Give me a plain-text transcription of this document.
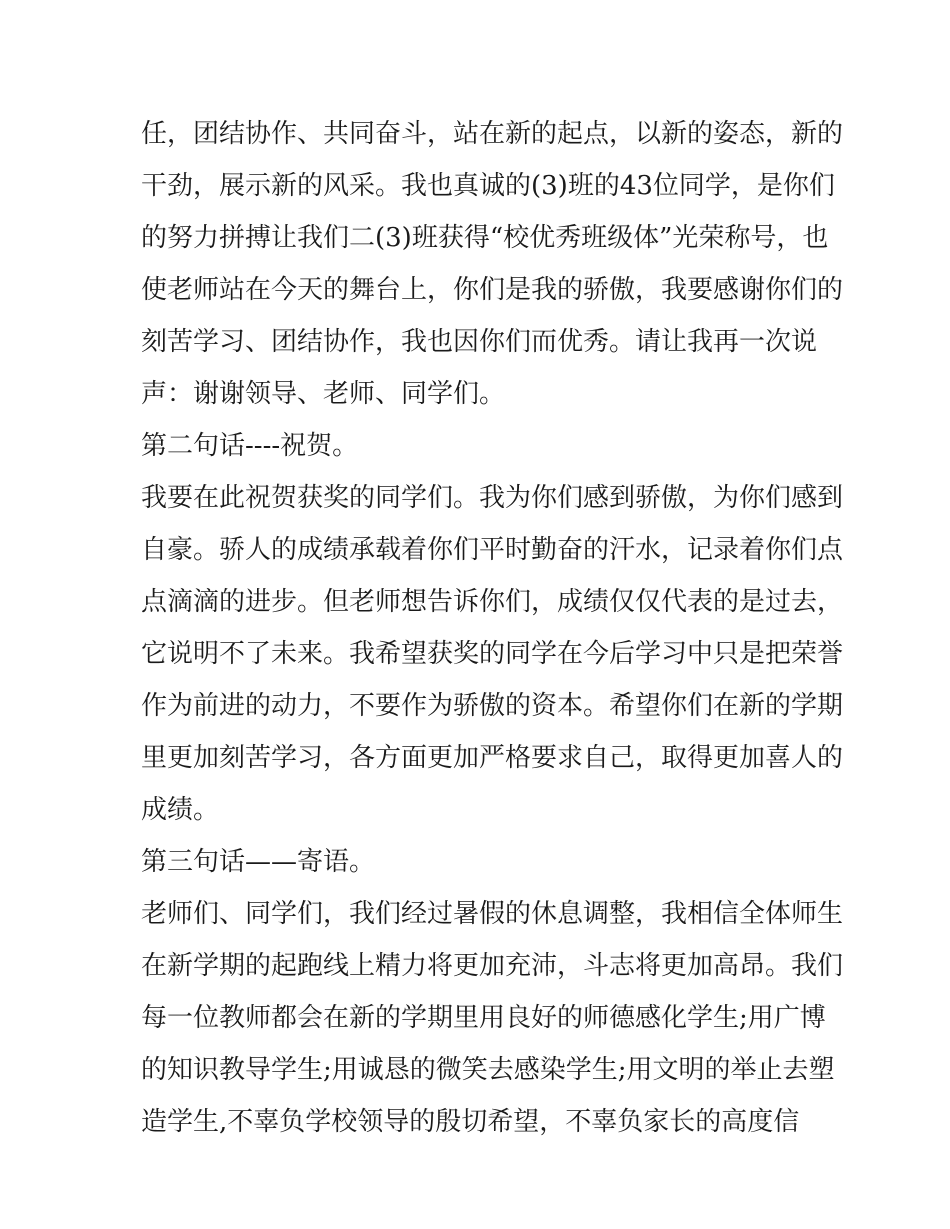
任，团结协作、共同奋斗，站在新的起点，以新的姿态，新的

干劲，展示新的风采。我也真诚的(3)班的43位同学，是你们

的努力拼搏让我们二(3)班获得“校优秀班级体”光荣称号，也

使老师站在今天的舞台上，你们是我的骄傲，我要感谢你们的

刻苦学习、团结协作，我也因你们而优秀。请让我再一次说

声：谢谢领导、老师、同学们。

第二句话----祝贺。

我要在此祝贺获奖的同学们。我为你们感到骄傲，为你们感到

自豪。骄人的成绩承载着你们平时勤奋的汗水，记录着你们点

点滴滴的进步。但老师想告诉你们，成绩仅仅代表的是过去，

它说明不了未来。我希望获奖的同学在今后学习中只是把荣誉

作为前进的动力，不要作为骄傲的资本。希望你们在新的学期

里更加刻苦学习，各方面更加严格要求自己，取得更加喜人的

成绩。

第三句话——寄语。

老师们、同学们，我们经过暑假的休息调整，我相信全体师生

在新学期的起跑线上精力将更加充沛，斗志将更加高昂。我们

每一位教师都会在新的学期里用良好的师德感化学生;用广博

的知识教导学生;用诚恳的微笑去感染学生;用文明的举止去塑

造学生,不辜负学校领导的殷切希望，不辜负家长的高度信
